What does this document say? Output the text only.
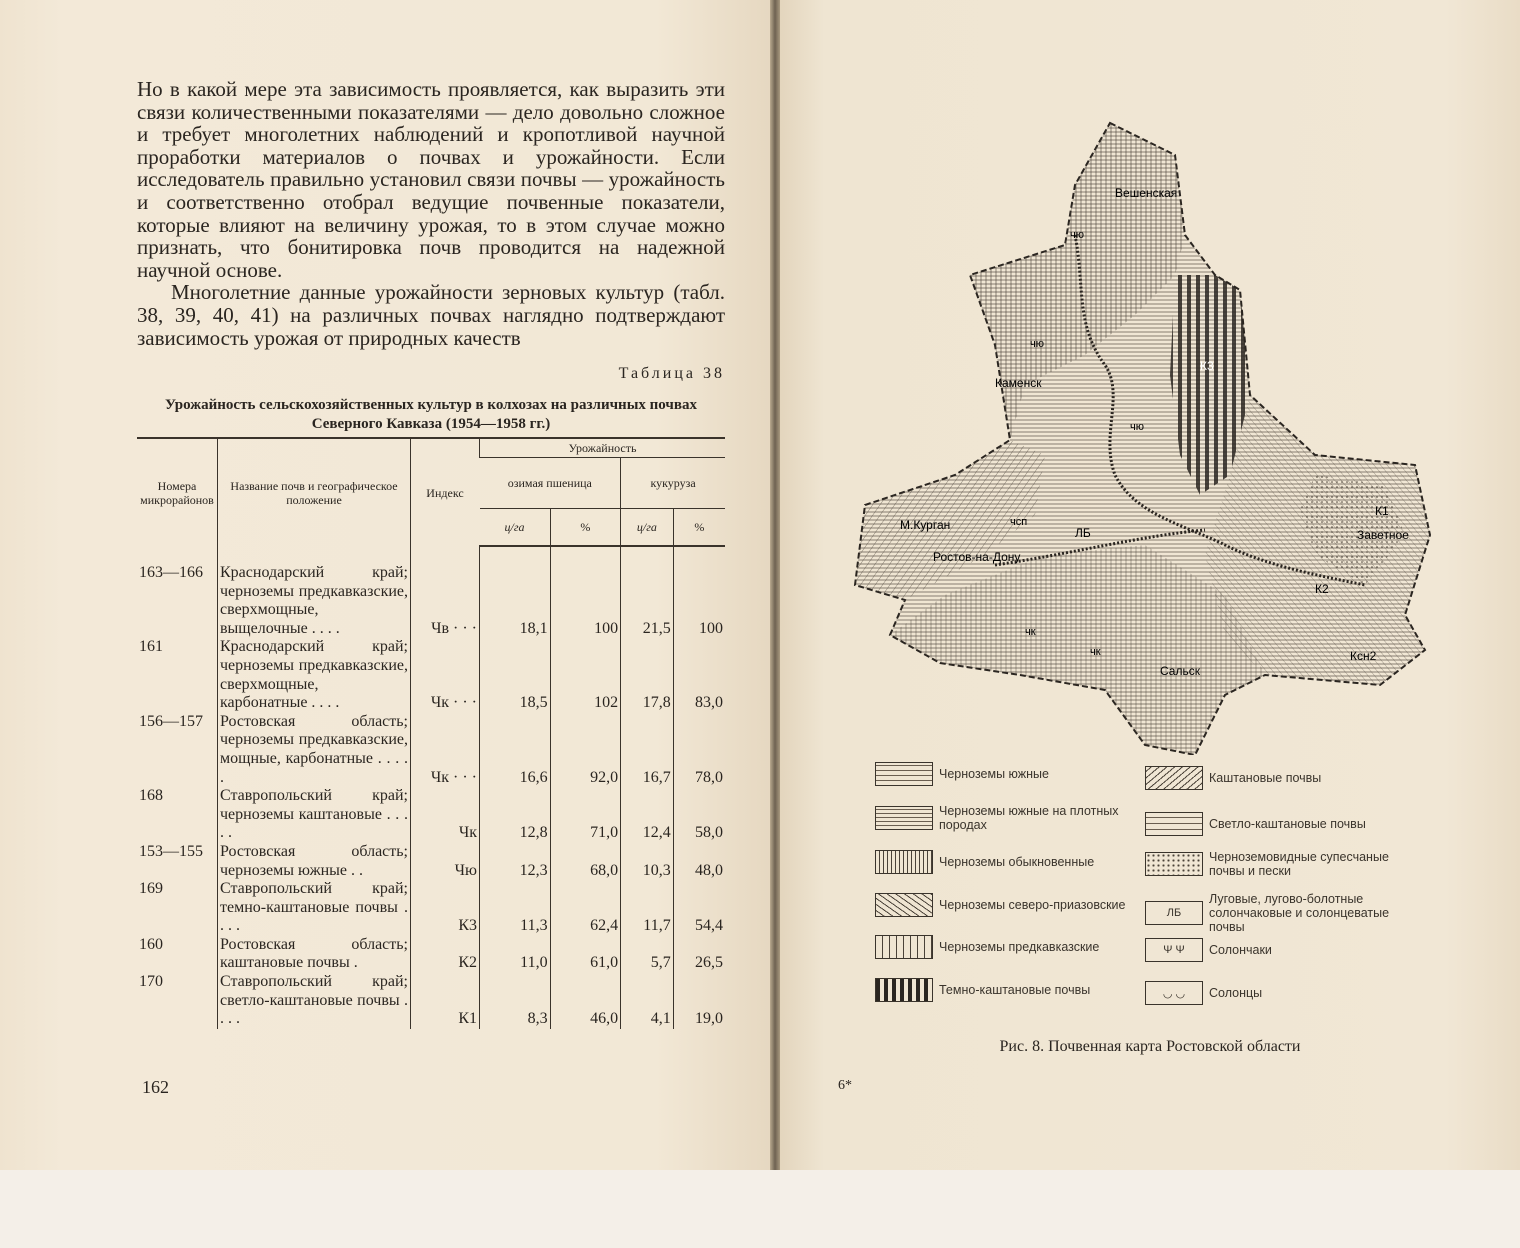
Но в какой мере эта зависимость проявляется, как выразить эти связи количественными показателями — дело довольно сложное и требует многолетних наблюдений и кропотливой научной проработки материалов о почвах и урожайности. Если исследователь правильно установил связи почвы — урожайность и соответственно отобрал ведущие почвенные показатели, которые влияют на величину урожая, то в этом случае можно признать, что бонитировка почв проводится на надежной научной основе.

Многолетние данные урожайности зерновых культур (табл. 38, 39, 40, 41) на различных почвах наглядно подтверждают зависимость урожая от природных качеств

Таблица 38
Урожайность сельскохозяйственных культур в колхозах на различных почвах Северного Кавказа (1954—1958 гг.)
Номера микрорайонов	Название почв и географическое положение	Индекс	Урожайность			
			озимая пшеница		кукуруза	
			ц/га	%	ц/га	%
163—166	Краснодарский край; черноземы предкавказские, сверхмощные, выщелочные . . . .	Чв · · ·	18,1	100	21,5	100
161	Краснодарский край; черноземы предкавказские, сверхмощные, карбонатные . . . .	Чк · · ·	18,5	102	17,8	83,0
156—157	Ростовская область; черноземы предкавказские, мощные, карбонатные . . . . .	Чк · · ·	16,6	92,0	16,7	78,0
168	Ставропольский край; черноземы каштановые . . . . .	Чк	12,8	71,0	12,4	58,0
153—155	Ростовская область; черноземы южные . .	Чю	12,3	68,0	10,3	48,0
169	Ставропольский край; темно-каштановые почвы . . . .	К3	11,3	62,4	11,7	54,4
160	Ростовская область; каштановые почвы .	К2	11,0	61,0	5,7	26,5
170	Ставропольский край; светло-каштановые почвы . . . .	К1	8,3	46,0	4,1	19,0
162
Вешенская
Каменск
М.Курган
Ростов-на-Дону
Заветное
Сальск
ЛБ
чю
чю
чю
чк
чк
чсп
К3
К2
К1
Ксн2
Черноземы южные
Черноземы южные на плотных породах
Черноземы обыкновенные
Черноземы северо-приазовские
Черноземы предкавказские
Темно-каштановые почвы
Каштановые почвы
Светло-каштановые почвы
Черноземовидные супесчаные почвы и пески
ЛБ
Луговые, лугово-болотные солончаковые и солонцеватые почвы
Ψ Ψ	Солончаки
◡ ◡	Солонцы
Рис. 8. Почвенная карта Ростовской области
6*
